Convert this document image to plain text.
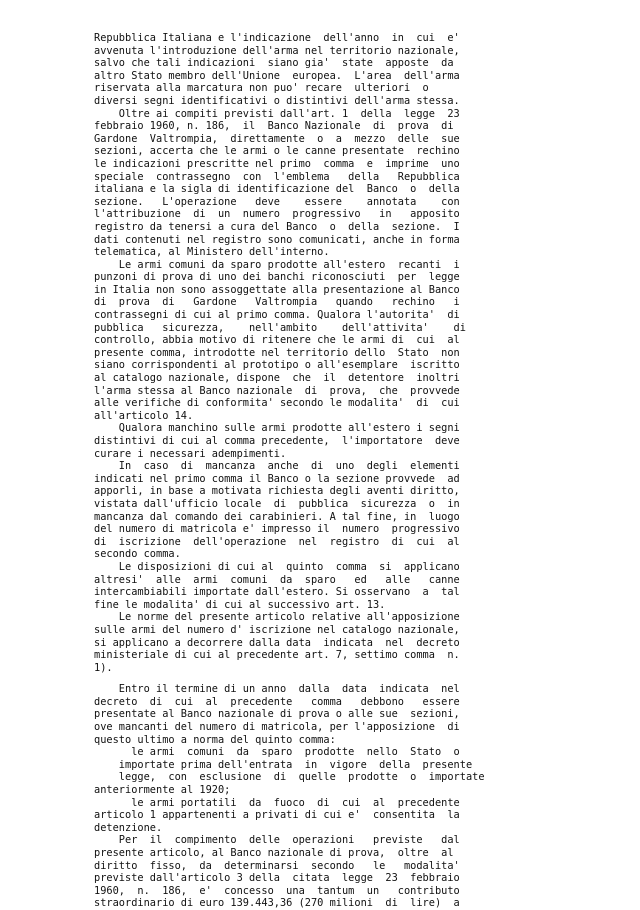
Repubblica Italiana e l'indicazione  dell'anno  in  cui  e'
avvenuta l'introduzione dell'arma nel territorio nazionale,
salvo che tali indicazioni  siano gia'  state  apposte  da
altro Stato membro dell'Unione  europea.  L'area  dell'arma
riservata alla marcatura non puo' recare  ulteriori  o
diversi segni identificativi o distintivi dell'arma stessa.
Oltre ai compiti previsti dall'art. 1  della  legge  23
febbraio 1960, n. 186,  il  Banco Nazionale  di  prova  di
Gardone  Valtrompia,  direttamente  o  a  mezzo  delle  sue
sezioni, accerta che le armi o le canne presentate  rechino
le indicazioni prescritte nel primo  comma  e  imprime  uno
speciale  contrassegno  con  l'emblema   della   Repubblica
italiana e la sigla di identificazione del  Banco  o  della
sezione.   L'operazione   deve    essere    annotata    con
l'attribuzione  di  un  numero  progressivo   in   apposito
registro da tenersi a cura del Banco  o  della  sezione.  I
dati contenuti nel registro sono comunicati, anche in forma
telematica, al Ministero dell'interno.
Le armi comuni da sparo prodotte all'estero  recanti  i
punzoni di prova di uno dei banchi riconosciuti  per  legge
in Italia non sono assoggettate alla presentazione al Banco
di  prova  di   Gardone   Valtrompia   quando   rechino   i
contrassegni di cui al primo comma. Qualora l'autorita'  di
pubblica   sicurezza,    nell'ambito    dell'attivita'    di
controllo, abbia motivo di ritenere che le armi di  cui  al
presente comma, introdotte nel territorio dello  Stato  non
siano corrispondenti al prototipo o all'esemplare  iscritto
al catalogo nazionale, dispone  che  il  detentore  inoltri
l'arma stessa al Banco nazionale  di  prova,  che  provvede
alle verifiche di conformita' secondo le modalita'  di  cui
all'articolo 14.
Qualora manchino sulle armi prodotte all'estero i segni
distintivi di cui al comma precedente,  l'importatore  deve
curare i necessari adempimenti.
In  caso  di  mancanza  anche  di  uno  degli  elementi
indicati nel primo comma il Banco o la sezione provvede  ad
apporli, in base a motivata richiesta degli aventi diritto,
vistata dall'ufficio locale  di  pubblica  sicurezza  o  in
mancanza dal comando dei carabinieri. A tal fine, in  luogo
del numero di matricola e' impresso il  numero  progressivo
di  iscrizione  dell'operazione  nel  registro  di  cui  al
secondo comma.
Le disposizioni di cui al  quinto  comma  si  applicano
altresi'  alle  armi  comuni  da  sparo   ed   alle   canne
intercambiabili importate dall'estero. Si osservano  a  tal
fine le modalita' di cui al successivo art. 13.
Le norme del presente articolo relative all'apposizione
sulle armi del numero d' iscrizione nel catalogo nazionale,
si applicano a decorrere dalla data  indicata  nel  decreto
ministeriale di cui al precedente art. 7, settimo comma  n.
1).
Entro il termine di un anno  dalla  data  indicata  nel
decreto  di  cui  al  precedente   comma   debbono   essere
presentate al Banco nazionale di prova o alle sue  sezioni,
ove mancanti del numero di matricola, per l'apposizione  di
questo ultimo a norma del quinto comma:
le armi  comuni  da  sparo  prodotte  nello  Stato  o
importate prima dell'entrata  in  vigore  della  presente
legge,  con  esclusione  di  quelle  prodotte  o  importate
anteriormente al 1920;
le armi portatili  da  fuoco  di  cui  al  precedente
articolo 1 appartenenti a privati di cui e'  consentita  la
detenzione.
Per  il  compimento  delle  operazioni   previste   dal
presente articolo, al Banco nazionale di prova,  oltre  al
diritto  fisso,  da  determinarsi  secondo   le   modalita'
previste dall'articolo 3 della  citata  legge  23  febbraio
1960,  n.  186,  e'  concesso  una  tantum  un   contributo
straordinario di euro 139.443,36 (270 milioni  di  lire)  a
